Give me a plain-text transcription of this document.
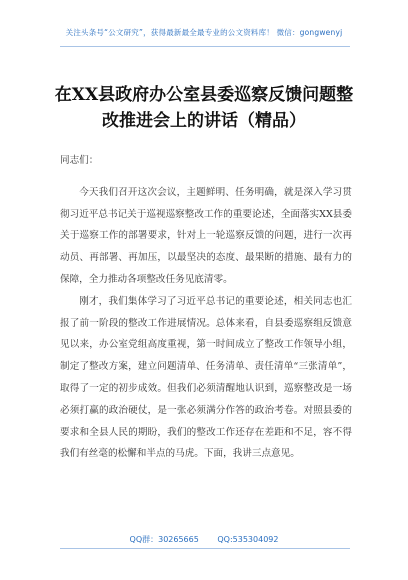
关注头条号“公文研究”，获得最新最全最专业的公文资料库！ 微信：gongwenyj
在XX县政府办公室县委巡察反馈问题整
改推进会上的讲话（精品）

同志们：

今天我们召开这次会议，主题鲜明、任务明确，就是深入学习贯彻习近平总书记关于巡视巡察整改工作的重要论述，全面落实XX县委关于巡察工作的部署要求，针对上一轮巡察反馈的问题，进行一次再动员、再部署、再加压，以最坚决的态度、最果断的措施、最有力的保障，全力推动各项整改任务见底清零。

刚才，我们集体学习了习近平总书记的重要论述，相关同志也汇报了前一阶段的整改工作进展情况。总体来看，自县委巡察组反馈意见以来，办公室党组高度重视，第一时间成立了整改工作领导小组，制定了整改方案，建立问题清单、任务清单、责任清单“三张清单”，取得了一定的初步成效。但我们必须清醒地认识到，巡察整改是一场必须打赢的政治硬仗，是一张必须满分作答的政治考卷。对照县委的要求和全县人民的期盼，我们的整改工作还存在差距和不足，容不得我们有丝毫的松懈和半点的马虎。下面，我讲三点意见。

QQ群：30265665 QQ:535304092
